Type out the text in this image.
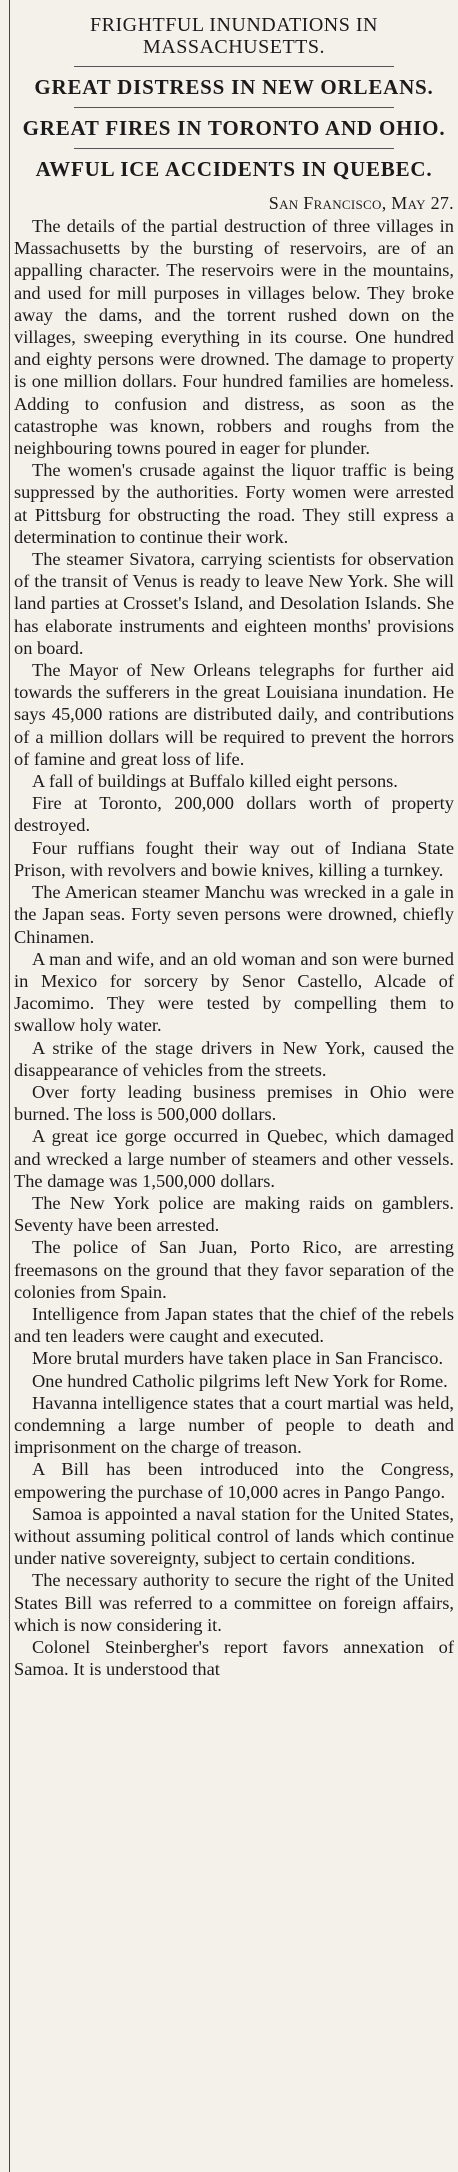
FRIGHTFUL INUNDATIONS IN MASSACHUSETTS.
GREAT DISTRESS IN NEW ORLEANS.
GREAT FIRES IN TORONTO AND OHIO.
AWFUL ICE ACCIDENTS IN QUEBEC.

San Francisco, May 27.

The details of the partial destruction of three villages in Massachusetts by the bursting of reservoirs, are of an appalling character. The reservoirs were in the mountains, and used for mill purposes in villages below. They broke away the dams, and the torrent rushed down on the villages, sweeping everything in its course. One hundred and eighty persons were drowned. The damage to property is one million dollars. Four hundred families are homeless. Adding to confusion and distress, as soon as the catastrophe was known, robbers and roughs from the neighbouring towns poured in eager for plunder.

The women's crusade against the liquor traffic is being suppressed by the authorities. Forty women were arrested at Pittsburg for obstructing the road. They still express a determination to continue their work.

The steamer Sivatora, carrying scientists for observation of the transit of Venus is ready to leave New York. She will land parties at Crosset's Island, and Desolation Islands. She has elaborate instruments and eighteen months' provisions on board.

The Mayor of New Orleans telegraphs for further aid towards the sufferers in the great Louisiana inundation. He says 45,000 rations are distributed daily, and contributions of a million dollars will be required to prevent the horrors of famine and great loss of life.

A fall of buildings at Buffalo killed eight persons.

Fire at Toronto, 200,000 dollars worth of property destroyed.

Four ruffians fought their way out of Indiana State Prison, with revolvers and bowie knives, killing a turnkey.

The American steamer Manchu was wrecked in a gale in the Japan seas. Forty seven persons were drowned, chiefly Chinamen.

A man and wife, and an old woman and son were burned in Mexico for sorcery by Senor Castello, Alcade of Jacomimo. They were tested by compelling them to swallow holy water.

A strike of the stage drivers in New York, caused the disappearance of vehicles from the streets.

Over forty leading business premises in Ohio were burned. The loss is 500,000 dollars.

A great ice gorge occurred in Quebec, which damaged and wrecked a large number of steamers and other vessels. The damage was 1,500,000 dollars.

The New York police are making raids on gamblers. Seventy have been arrested.

The police of San Juan, Porto Rico, are arresting freemasons on the ground that they favor separation of the colonies from Spain.

Intelligence from Japan states that the chief of the rebels and ten leaders were caught and executed.

More brutal murders have taken place in San Francisco.

One hundred Catholic pilgrims left New York for Rome.

Havanna intelligence states that a court martial was held, condemning a large number of people to death and imprisonment on the charge of treason.

A Bill has been introduced into the Congress, empowering the purchase of 10,000 acres in Pango Pango.

Samoa is appointed a naval station for the United States, without assuming political control of lands which continue under native sovereignty, subject to certain conditions.

The necessary authority to secure the right of the United States Bill was referred to a committee on foreign affairs, which is now considering it.

Colonel Steinbergher's report favors annexation of Samoa. It is understood that
